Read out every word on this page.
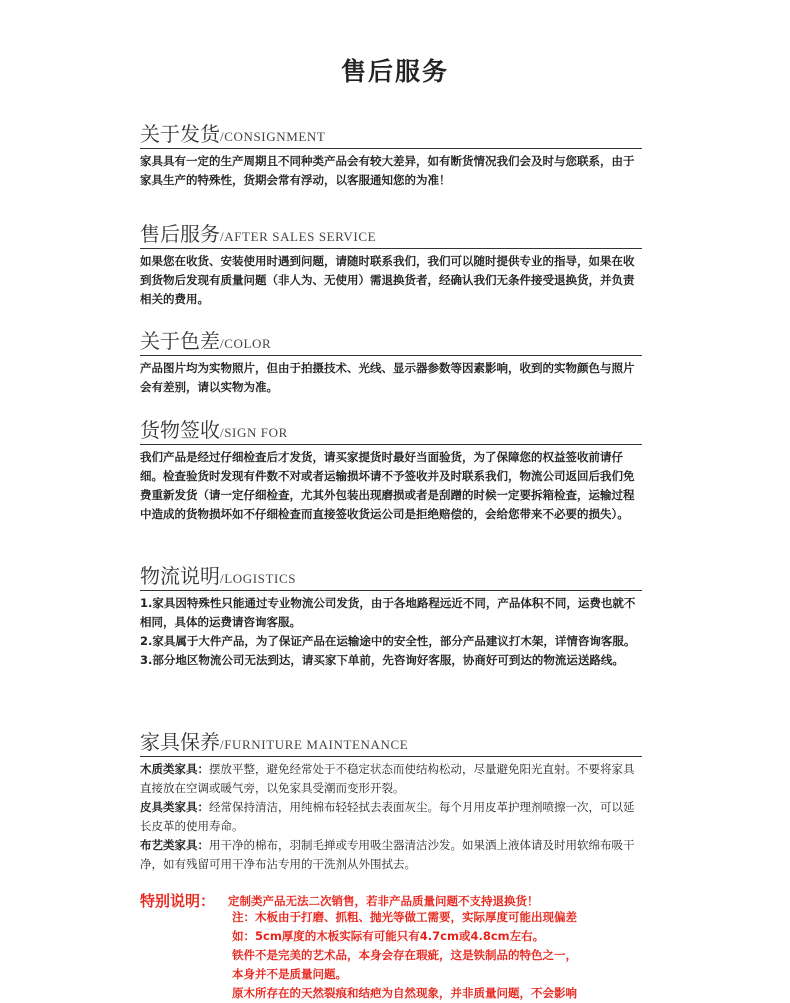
售后服务
关于发货/CONSIGNMENT

家具具有一定的生产周期且不同种类产品会有较大差异，如有断货情况我们会及时与您联系，由于家具生产的特殊性，货期会常有浮动，以客服通知您的为准！

售后服务/AFTER SALES SERVICE

如果您在收货、安装使用时遇到问题，请随时联系我们，我们可以随时提供专业的指导，如果在收到货物后发现有质量问题（非人为、无使用）需退换货者，经确认我们无条件接受退换货，并负责相关的费用。

关于色差/COLOR

产品图片均为实物照片，但由于拍摄技术、光线、显示器参数等因素影响，收到的实物颜色与照片会有差别，请以实物为准。

货物签收/SIGN FOR

我们产品是经过仔细检查后才发货，请买家提货时最好当面验货，为了保障您的权益签收前请仔细。检查验货时发现有件数不对或者运输损坏请不予签收并及时联系我们，物流公司返回后我们免费重新发货（请一定仔细检查，尤其外包装出现磨损或者是刮蹭的时候一定要拆箱检查，运输过程中造成的货物损坏如不仔细检查而直接签收货运公司是拒绝赔偿的，会给您带来不必要的损失）。

物流说明/LOGISTICS

1.家具因特殊性只能通过专业物流公司发货，由于各地路程远近不同，产品体积不同，运费也就不相同，具体的运费请咨询客服。

2.家具属于大件产品，为了保证产品在运输途中的安全性，部分产品建议打木架，详情咨询客服。

3.部分地区物流公司无法到达，请买家下单前，先咨询好客服，协商好可到达的物流运送路线。

家具保养/FURNITURE MAINTENANCE

木质类家具：摆放平整，避免经常处于不稳定状态而使结构松动，尽量避免阳光直射。不要将家具直接放在空调或暖气旁，以免家具受潮而变形开裂。

皮具类家具：经常保持清洁，用纯棉布轻轻拭去表面灰尘。每个月用皮革护理剂喷擦一次，可以延长皮革的使用寿命。

布艺类家具：用干净的棉布，羽制毛掸或专用吸尘器清洁沙发。如果洒上液体请及时用软绵布吸干净，如有残留可用干净布沾专用的干洗剂从外围拭去。

特别说明： 定制类产品无法二次销售，若非产品质量问题不支持退换货！
注：木板由于打磨、抓粗、抛光等做工需要，实际厚度可能出现偏差
如：5cm厚度的木板实际有可能只有4.7cm或4.8cm左右。
铁件不是完美的艺术品，本身会存在瑕疵，这是铁制品的特色之一，
本身并不是质量问题。
原木所存在的天然裂痕和结疤为自然现象，并非质量问题，不会影响
